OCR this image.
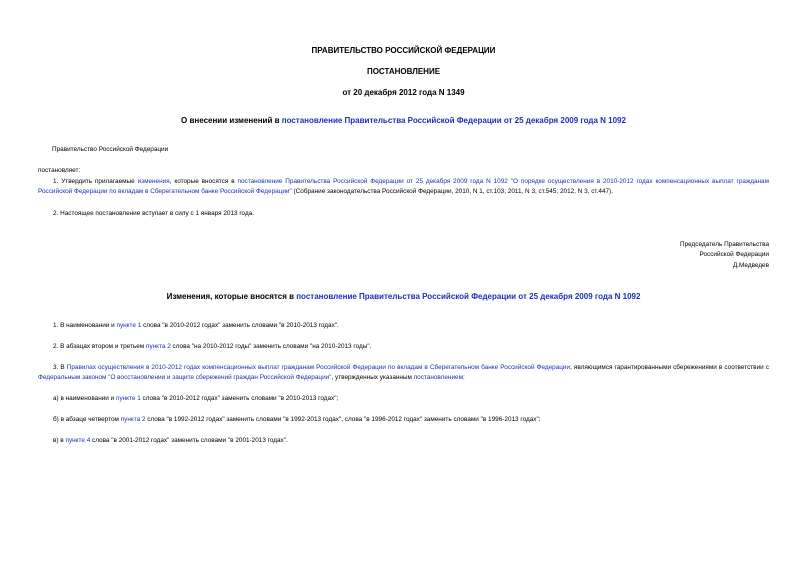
ПРАВИТЕЛЬСТВО РОССИЙСКОЙ ФЕДЕРАЦИИ
ПОСТАНОВЛЕНИЕ
от 20 декабря 2012 года N 1349
О внесении изменений в постановление Правительства Российской Федерации от 25 декабря 2009 года N 1092
Правительство Российской Федерации
постановляет:
1. Утвердить прилагаемые изменения, которые вносятся в постановление Правительства Российской Федерации от 25 декабря 2009 года N 1092 "О порядке осуществления в 2010-2012 годах компенсационных выплат гражданам Российской Федерации по вкладам в Сберегательном банке Российской Федерации" (Собрание законодательства Российской Федерации, 2010, N 1, ст.103; 2011, N 3, ст.545; 2012, N 3, ст.447).
2. Настоящее постановление вступает в силу с 1 января 2013 года.
Председатель Правительства
Российской Федерации
Д.Медведев
Изменения, которые вносятся в постановление Правительства Российской Федерации от 25 декабря 2009 года N 1092
1. В наименовании и пункте 1 слова "в 2010-2012 годах" заменить словами "в 2010-2013 годах".
2. В абзацах втором и третьем пункта 2 слова "на 2010-2012 годы" заменить словами "на 2010-2013 годы".
3. В Правилах осуществления в 2010-2012 годах компенсационных выплат гражданам Российской Федерации по вкладам в Сберегательном банке Российской Федерации, являющимся гарантированными сбережениями в соответствии с Федеральным законом "О восстановлении и защите сбережений граждан Российской Федерации", утвержденных указанным постановлением:
а) в наименовании и пункте 1 слова "в 2010-2012 годах" заменить словами "в 2010-2013 годах";
б) в абзаце четвертом пункта 2 слова "в 1992-2012 годах" заменить словами "в 1992-2013 годах", слова "в 1996-2012 годах" заменить словами "в 1996-2013 годах";
в) в пункте 4 слова "в 2001-2012 годах" заменить словами "в 2001-2013 годах".
